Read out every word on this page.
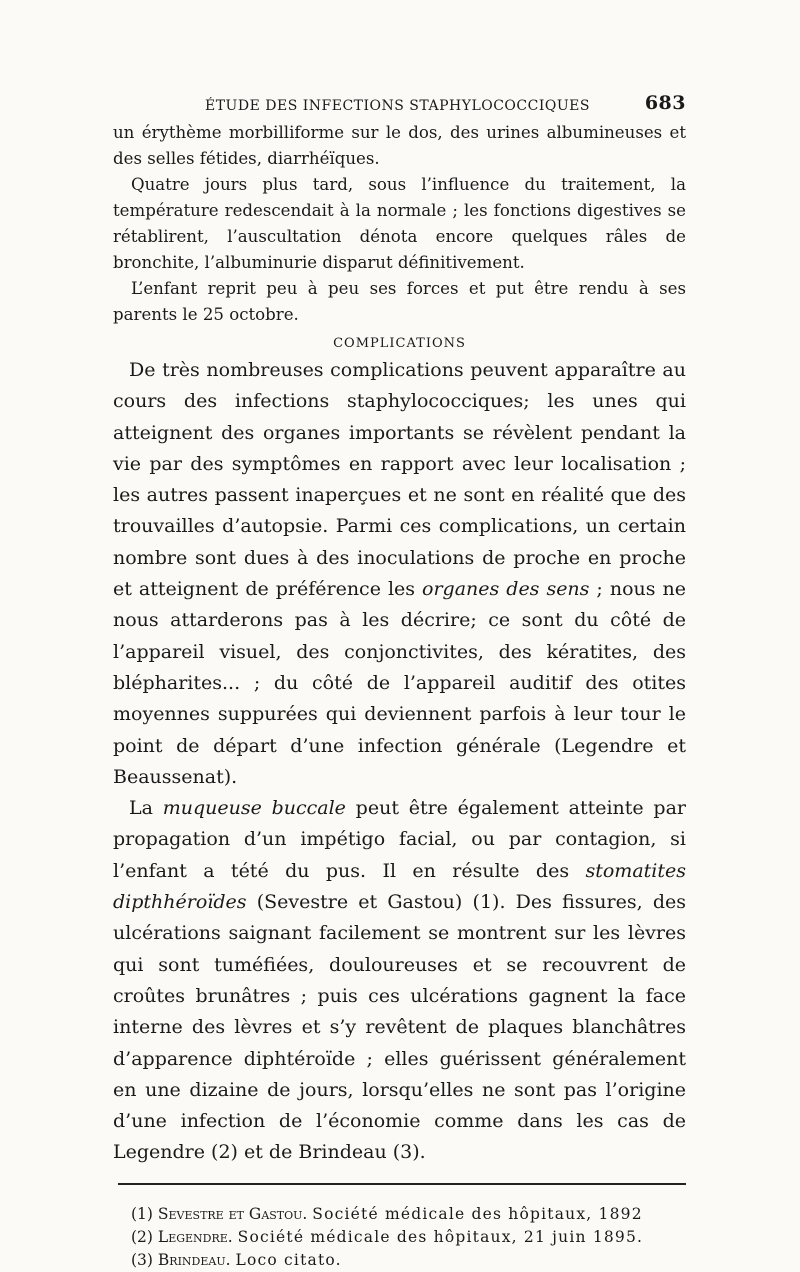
ÉTUDE DES INFECTIONS STAPHYLOCOCCIQUES	683

un érythème morbilliforme sur le dos, des urines albumineuses et des selles fétides, diarrhéïques.

Quatre jours plus tard, sous l’influence du traitement, la température redescendait à la normale ; les fonctions digestives se rétablirent, l’auscultation dénota encore quelques râles de bronchite, l’albuminurie disparut définitivement.

L’enfant reprit peu à peu ses forces et put être rendu à ses parents le 25 octobre.

COMPLICATIONS

De très nombreuses complications peuvent apparaître au cours des infections staphylococciques; les unes qui atteignent des organes importants se révèlent pendant la vie par des symptômes en rapport avec leur localisation ; les autres passent inaperçues et ne sont en réalité que des trouvailles d’autopsie. Parmi ces complications, un certain nombre sont dues à des inoculations de proche en proche et atteignent de préférence les organes des sens ; nous ne nous attarderons pas à les décrire; ce sont du côté de l’appareil visuel, des conjonctivites, des kératites, des blépharites... ; du côté de l’appareil auditif des otites moyennes suppurées qui deviennent parfois à leur tour le point de départ d’une infection générale (Legendre et Beaussenat).

La muqueuse buccale peut être également atteinte par propagation d’un impétigo facial, ou par contagion, si l’enfant a tété du pus. Il en résulte des stomatites dipthhéroïdes (Sevestre et Gastou) (1). Des fissures, des ulcérations saignant facilement se montrent sur les lèvres qui sont tuméfiées, douloureuses et se recouvrent de croûtes brunâtres ; puis ces ulcérations gagnent la face interne des lèvres et s’y revêtent de plaques blanchâtres d’apparence diphtéroïde ; elles guérissent généralement en une dizaine de jours, lorsqu’elles ne sont pas l’origine d’une infection de l’économie comme dans les cas de Legendre (2) et de Brindeau (3).

(1) Sevestre et Gastou. Société médicale des hôpitaux, 1892

(2) Legendre. Société médicale des hôpitaux, 21 juin 1895.

(3) Brindeau. Loco citato.
